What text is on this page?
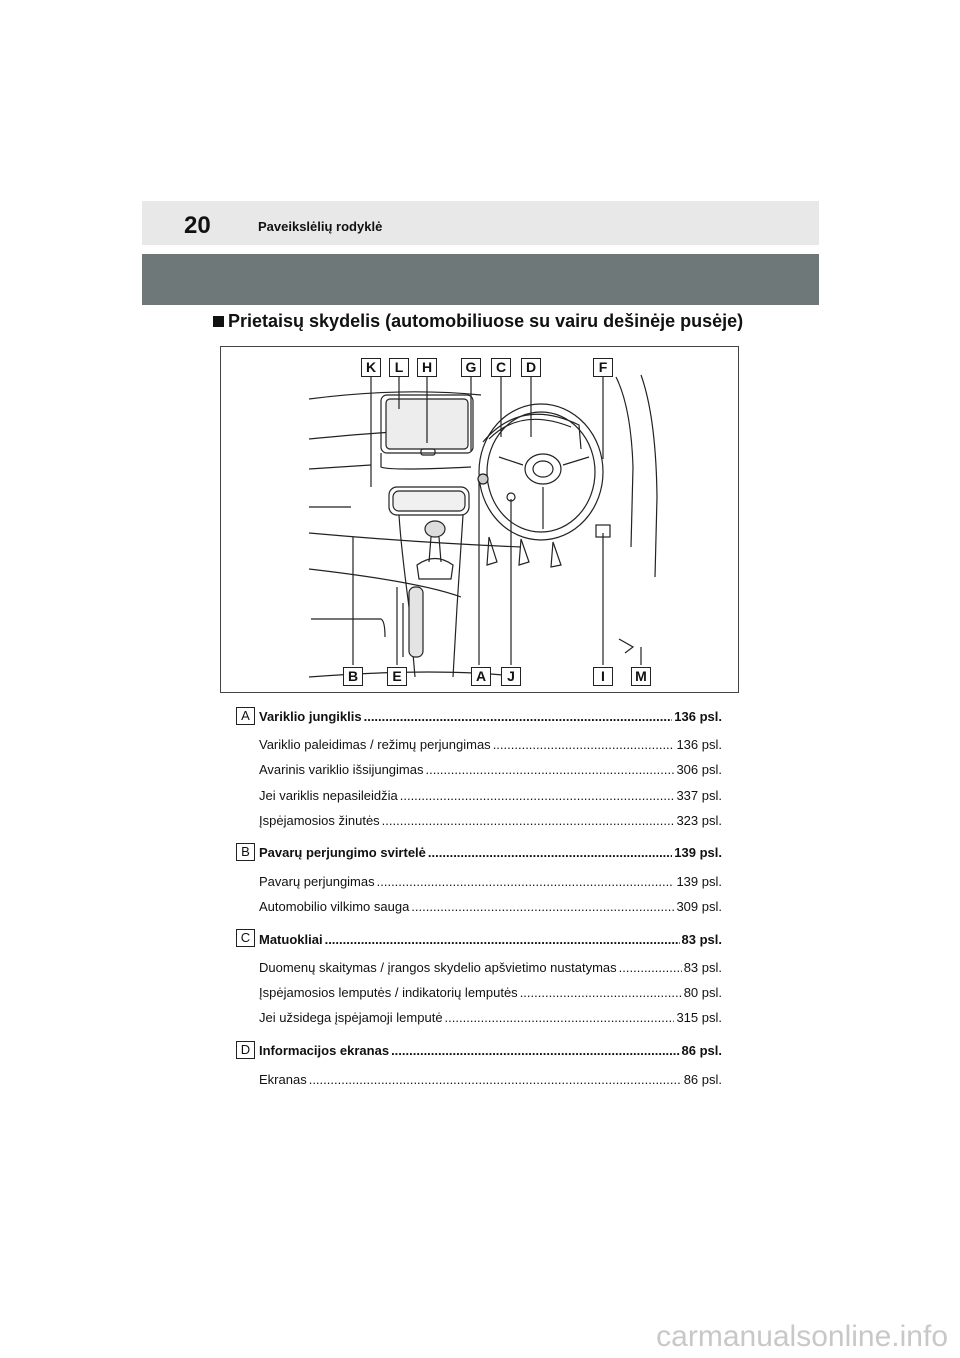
20	Paveikslėlių rodyklė
Prietaisų skydelis (automobiliuose su vairu dešinėje pusėje)
K	L	H	G	C	D	F
B	E	A	J	I	M
A Variklio jungiklis .....	136 psl.
Variklio paleidimas / režimų perjungimas .....	136 psl.
Avarinis variklio išsijungimas .....	306 psl.
Jei variklis nepasileidžia .....	337 psl.
Įspėjamosios žinutės .....	323 psl.
B Pavarų perjungimo svirtelė .....	139 psl.
Pavarų perjungimas .....	139 psl.
Automobilio vilkimo sauga .....	309 psl.
C Matuokliai .....	83 psl.
Duomenų skaitymas / įrangos skydelio apšvietimo nustatymas .....	83 psl.
Įspėjamosios lemputės / indikatorių lemputės .....	80 psl.
Jei užsidega įspėjamoji lemputė .....	315 psl.
D Informacijos ekranas .....	86 psl.
Ekranas .....	86 psl.
carmanualsonline.info
